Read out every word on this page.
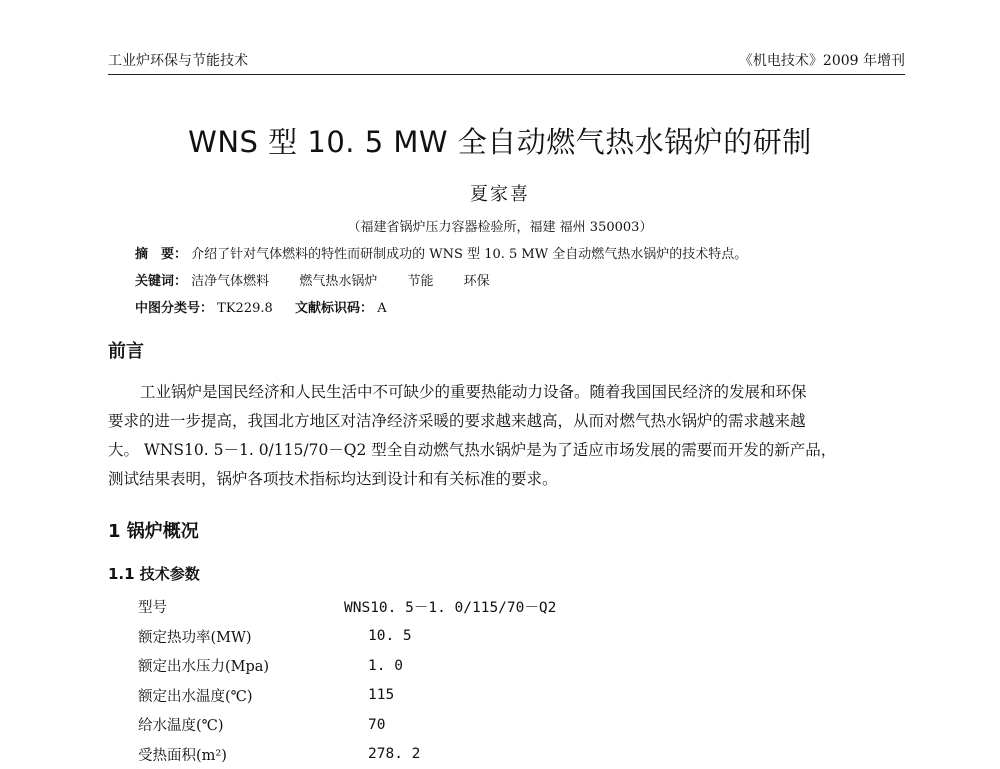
工业炉环保与节能技术	《机电技术》2009 年增刊
WNS 型 10. 5 MW 全自动燃气热水锅炉的研制
夏家喜
（福建省锅炉压力容器检验所，福建 福州 350003）
摘　要： 介绍了针对气体燃料的特性而研制成功的 WNS 型 10. 5 MW 全自动燃气热水锅炉的技术特点。
关键词： 洁净气体燃料 燃气热水锅炉 节能 环保
中图分类号： TK229.8 文献标识码： A
前言
工业锅炉是国民经济和人民生活中不可缺少的重要热能动力设备。随着我国国民经济的发展和环保
要求的进一步提高，我国北方地区对洁净经济采暖的要求越来越高，从而对燃气热水锅炉的需求越来越
大。 WNS10. 5－1. 0/115/70－Q2 型全自动燃气热水锅炉是为了适应市场发展的需要而开发的新产品，
测试结果表明，锅炉各项技术指标均达到设计和有关标准的要求。
1 锅炉概况
1.1 技术参数
型号	WNS10. 5－1. 0/115/70－Q2
额定热功率(MW)	10. 5
额定出水压力(Mpa)	1. 0
额定出水温度(℃)	115
给水温度(℃)	70
受热面积(m²)	278. 2
